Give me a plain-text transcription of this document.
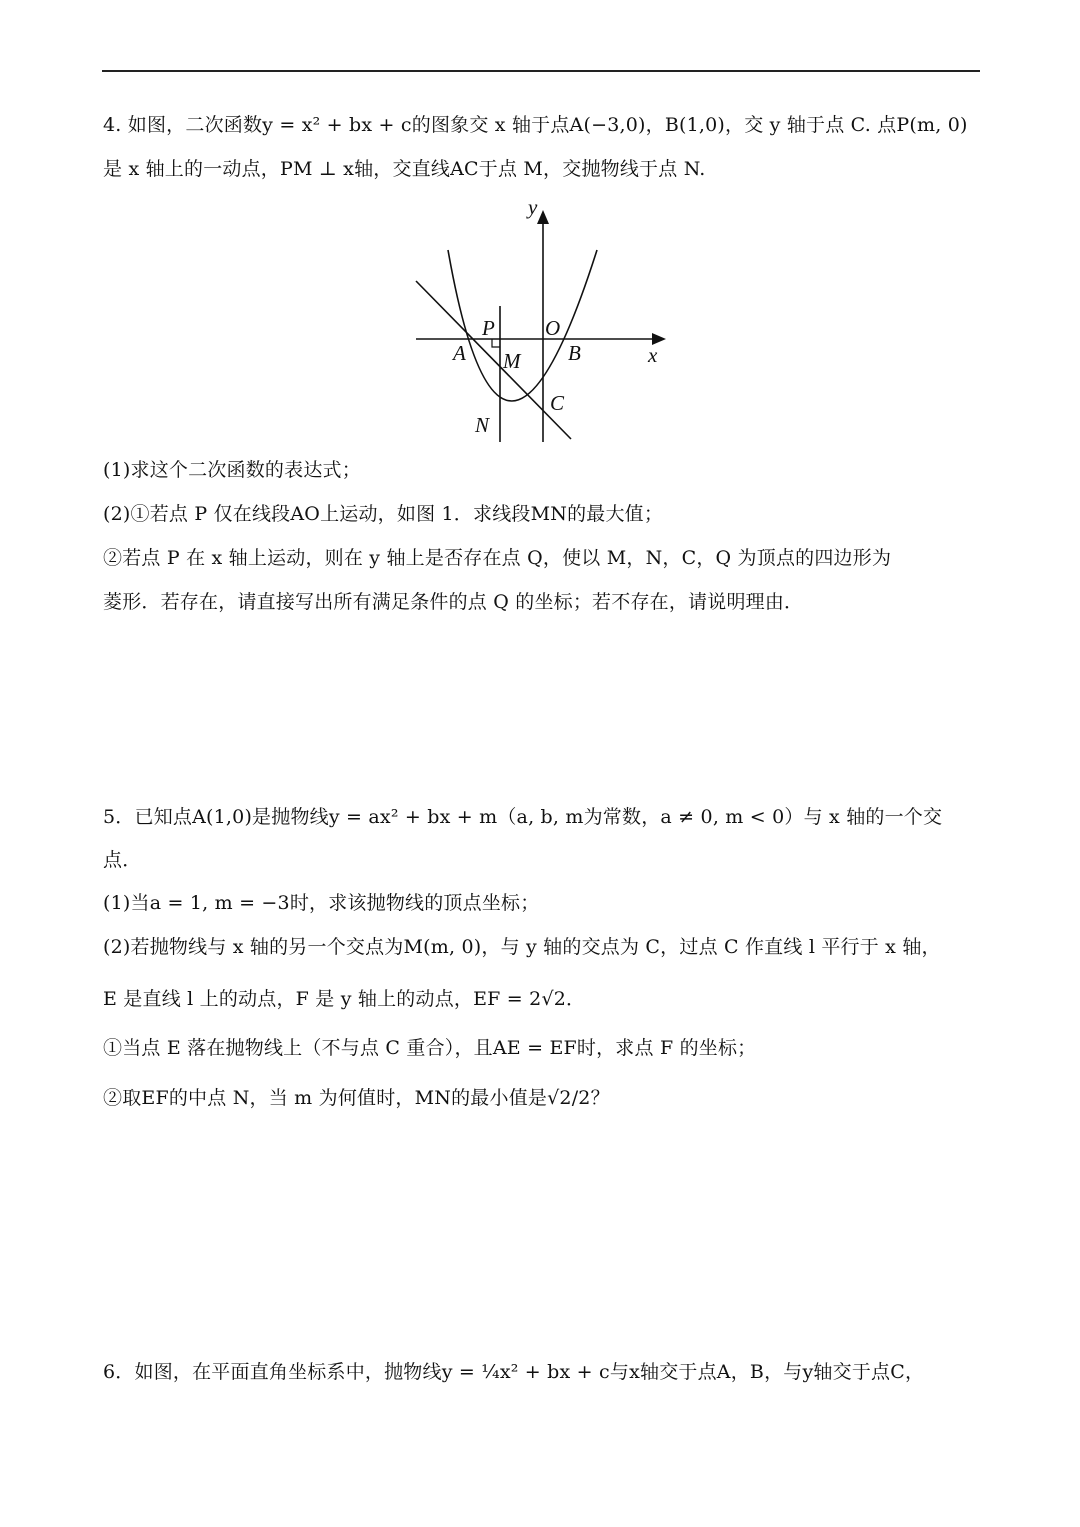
4. 如图，二次函数y = x² + bx + c的图象交 x 轴于点A(−3,0)，B(1,0)，交 y 轴于点 C. 点P(m, 0)
是 x 轴上的一动点，PM ⊥ x轴，交直线AC于点 M，交抛物线于点 N.
y
x
P O
A	B
M
C
N
(1)求这个二次函数的表达式；
(2)①若点 P 仅在线段AO上运动，如图 1．求线段MN的最大值；
②若点 P 在 x 轴上运动，则在 y 轴上是否存在点 Q，使以 M，N，C，Q 为顶点的四边形为
菱形．若存在，请直接写出所有满足条件的点 Q 的坐标；若不存在，请说明理由．
5．已知点A(1,0)是抛物线y = ax² + bx + m（a, b, m为常数，a ≠ 0, m < 0）与 x 轴的一个交
点．
(1)当a = 1, m = −3时，求该抛物线的顶点坐标；
(2)若抛物线与 x 轴的另一个交点为M(m, 0)，与 y 轴的交点为 C，过点 C 作直线 l 平行于 x 轴，
E 是直线 l 上的动点，F 是 y 轴上的动点，EF = 2√2．
①当点 E 落在抛物线上（不与点 C 重合），且AE = EF时，求点 F 的坐标；
②取EF的中点 N，当 m 为何值时，MN的最小值是√2/2？
6．如图，在平面直角坐标系中，抛物线y = ¼x² + bx + c与x轴交于点A，B，与y轴交于点C，
